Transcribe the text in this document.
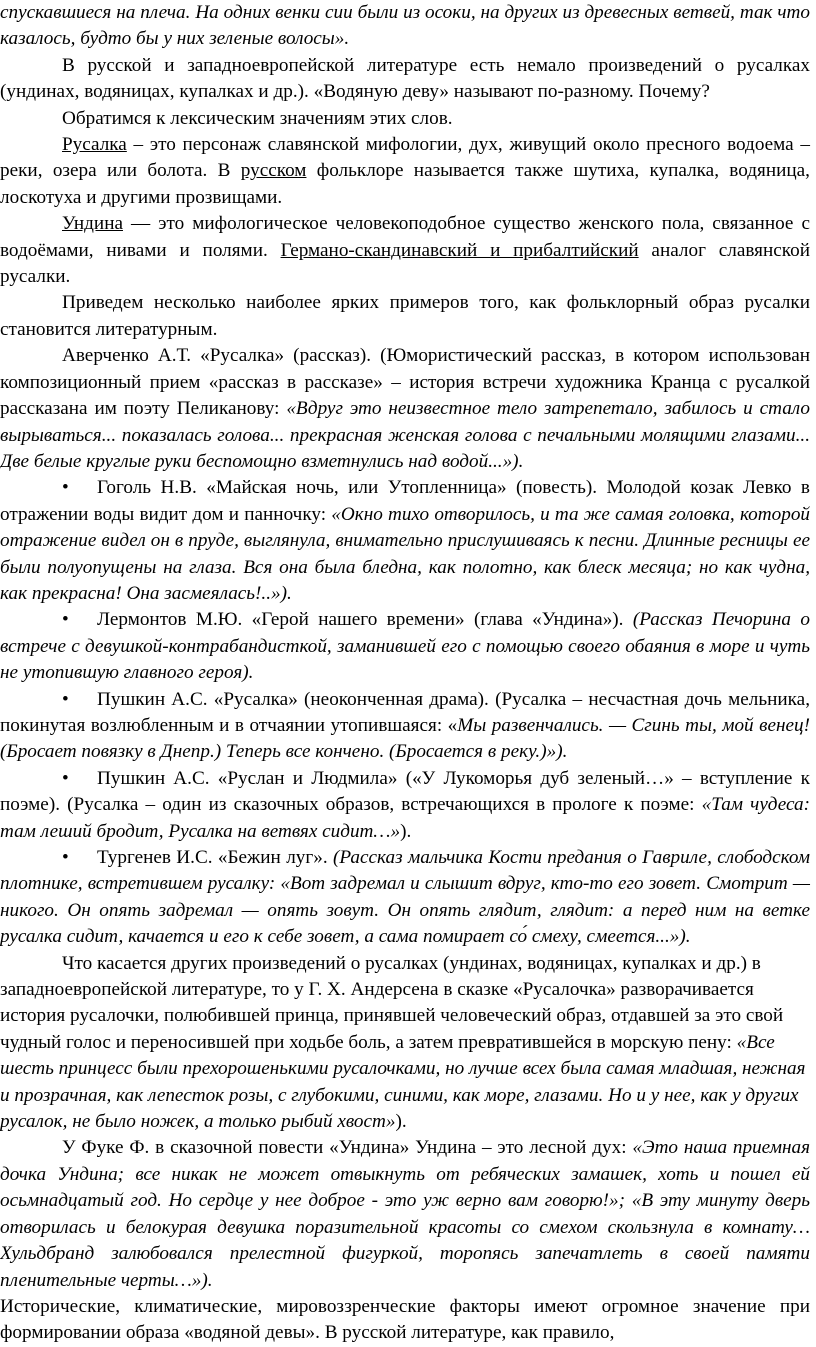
спускавшиеся на плеча. На одних венки сии были из осоки, на других из древесных ветвей, так что казалось, будто бы у них зеленые волосы».

В русской и западноевропейской литературе есть немало произведений о русалках (ундинах, водяницах, купалках и др.). «Водяную деву» называют по-разному. Почему?

Обратимся к лексическим значениям этих слов.

Русалка – это персонаж славянской мифологии, дух, живущий около пресного водоема – реки, озера или болота. В русском фольклоре называется также шутиха, купалка, водяница, лоскотуха и другими прозвищами.

Ундина — это мифологическое человекоподобное существо женского пола, связанное с водоёмами, нивами и полями. Германо-скандинавский и прибалтийский аналог славянской русалки.

Приведем несколько наиболее ярких примеров того, как фольклорный образ русалки становится литературным.

Аверченко А.Т. «Русалка» (рассказ). (Юмористический рассказ, в котором использован композиционный прием «рассказ в рассказе» – история встречи художника Кранца с русалкой рассказана им поэту Пеликанову: «Вдруг это неизвестное тело затрепетало, забилось и стало вырываться... показалась голова... прекрасная женская голова с печальными молящими глазами... Две белые круглые руки беспомощно взметнулись над водой...»).

•Гоголь Н.В. «Майская ночь, или Утопленница» (повесть). Молодой козак Левко в отражении воды видит дом и панночку: «Окно тихо отворилось, и та же самая головка, которой отражение видел он в пруде, выглянула, внимательно прислушиваясь к песни. Длинные ресницы ее были полуопущены на глаза. Вся она была бледна, как полотно, как блеск месяца; но как чудна, как прекрасна! Она засмеялась!..»).

•Лермонтов М.Ю. «Герой нашего времени» (глава «Ундина»). (Рассказ Печорина о встрече с девушкой-контрабандисткой, заманившей его с помощью своего обаяния в море и чуть не утопившую главного героя).

•Пушкин А.С. «Русалка» (неоконченная драма). (Русалка – несчастная дочь мельника, покинутая возлюбленным и в отчаянии утопившаяся: «Мы развенчались. — Сгинь ты, мой венец! (Бросает повязку в Днепр.) Теперь все кончено. (Бросается в реку.)»).

•Пушкин А.С. «Руслан и Людмила» («У Лукоморья дуб зеленый…» – вступление к поэме). (Русалка – один из сказочных образов, встречающихся в прологе к поэме: «Там чудеса: там леший бродит, Русалка на ветвях сидит…»).

•Тургенев И.С. «Бежин луг». (Рассказ мальчика Кости предания о Гавриле, слободском плотнике, встретившем русалку: «Вот задремал и слышит вдруг, кто-то его зовет. Смотрит — никого. Он опять задремал — опять зовут. Он опять глядит, глядит: а перед ним на ветке русалка сидит, качается и его к себе зовет, а сама помирает со́ смеху, смеется...»).

Что касается других произведений о русалках (ундинах, водяницах, купалках и др.) в западноевропейской литературе, то у Г. Х. Андерсена в сказке «Русалочка» разворачивается история русалочки, полюбившей принца, принявшей человеческий образ, отдавшей за это свой чудный голос и переносившей при ходьбе боль, а затем превратившейся в морскую пену: «Все шесть принцесс были прехорошенькими русалочками, но лучше всех была самая младшая, нежная и прозрачная, как лепесток розы, с глубокими, синими, как море, глазами. Но и у нее, как у других русалок, не было ножек, а только рыбий хвост»).

У Фуке Ф. в сказочной повести «Ундина» Ундина – это лесной дух: «Это наша приемная дочка Ундина; все никак не может отвыкнуть от ребяческих замашек, хоть и пошел ей осьмнадцатый год. Но сердце у нее доброе - это уж верно вам говорю!»; «В эту минуту дверь отворилась и белокурая девушка поразительной красоты со смехом скользнула в комнату… Хульдбранд залюбовался прелестной фигуркой, торопясь запечатлеть в своей памяти пленительные черты…»).

Исторические, климатические, мировоззренческие факторы имеют огромное значение при формировании образа «водяной девы». В русской литературе, как правило,
